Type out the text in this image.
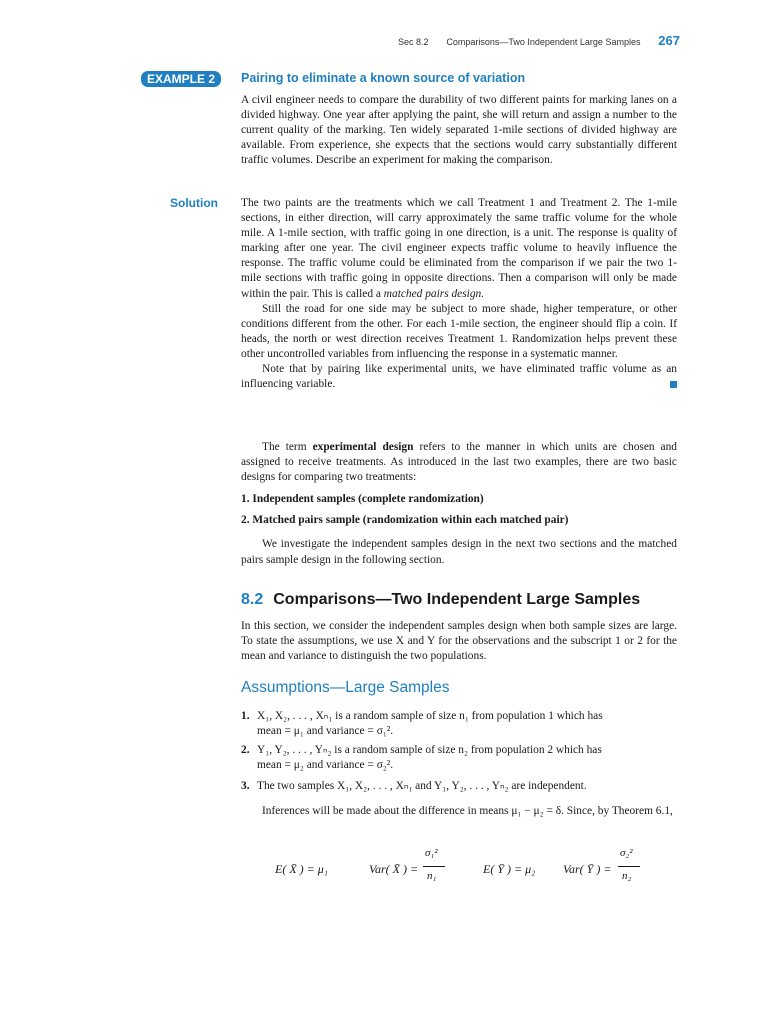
Sec 8.2 Comparisons—Two Independent Large Samples 267
EXAMPLE 2	Pairing to eliminate a known source of variation

A civil engineer needs to compare the durability of two different paints for marking lanes on a divided highway. One year after applying the paint, she will return and assign a number to the current quality of the marking. Ten widely separated 1-mile sections of divided highway are available. From experience, she expects that the sections would carry substantially different traffic volumes. Describe an experiment for making the comparison.

Solution The two paints are the treatments which we call Treatment 1 and Treatment 2. The 1-mile sections, in either direction, will carry approximately the same traffic volume for the whole mile. A 1-mile section, with traffic going in one direction, is a unit. The response is quality of marking after one year. The civil engineer expects traffic volume to heavily influence the response. The traffic volume could be eliminated from the comparison if we pair the two 1-mile sections with traffic going in opposite directions. Then a comparison will only be made within the pair. This is called a matched pairs design.

Still the road for one side may be subject to more shade, higher temperature, or other conditions different from the other. For each 1-mile section, the engineer should flip a coin. If heads, the north or west direction receives Treatment 1. Randomization helps prevent these other uncontrolled variables from influencing the response in a systematic manner.

Note that by pairing like experimental units, we have eliminated traffic volume as an influencing variable.

The term experimental design refers to the manner in which units are chosen and assigned to receive treatments. As introduced in the last two examples, there are two basic designs for comparing two treatments:

1. Independent samples (complete randomization)

2. Matched pairs sample (randomization within each matched pair)

We investigate the independent samples design in the next two sections and the matched pairs sample design in the following section.

8.2 Comparisons—Two Independent Large Samples

In this section, we consider the independent samples design when both sample sizes are large. To state the assumptions, we use X and Y for the observations and the subscript 1 or 2 for the mean and variance to distinguish the two populations.

Assumptions—Large Samples
1. X₁, X₂, . . . , Xₙ₁ is a random sample of size n₁ from population 1 which has
mean = μ₁ and variance = σ₁².
2. Y₁, Y₂, . . . , Yₙ₂ is a random sample of size n₂ from population 2 which has
mean = μ₂ and variance = σ₂².
3. The two samples X₁, X₂, . . . , Xₙ₁ and Y₁, Y₂, . . . , Yₙ₂ are independent.

Inferences will be made about the difference in means μ₁ − μ₂ = δ. Since, by Theorem 6.1,

E( X̄ ) = μ₁	Var( X̄ ) =
σ₁²
n₁	E( Ȳ ) = μ₂ Var( Ȳ ) =
σ₂²
n₂
